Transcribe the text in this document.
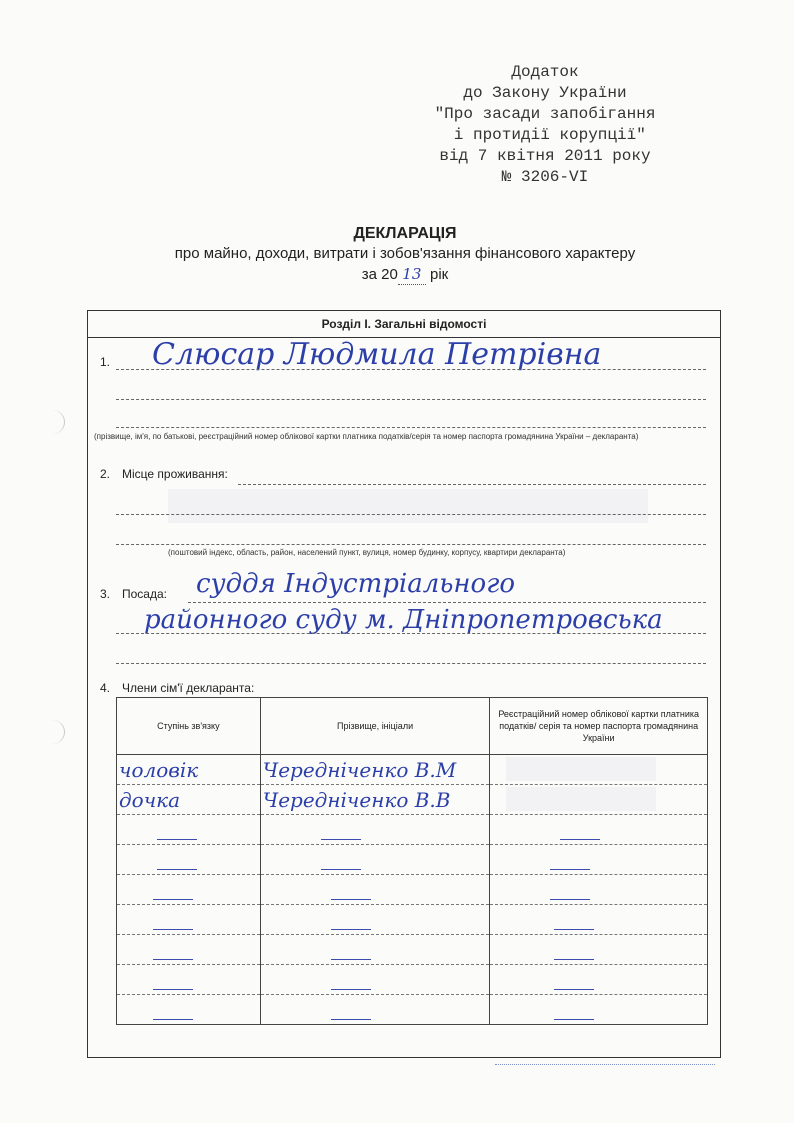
Додаток
до Закону України
"Про засади запобігання
і протидії корупції"
від 7 квітня 2011 року
№ 3206-VI
ДЕКЛАРАЦІЯ
про майно, доходи, витрати і зобов'язання фінансового характеру
за 20 13 рік
Розділ І. Загальні відомості
1. Слюсар Людмила Петрівна
(прізвище, ім'я, по батькові, реєстраційний номер облікової картки платника податків/серія та номер паспорта громадянина України – декларанта)
2. Місце проживання:
(поштовий індекс, область, район, населений пункт, вулиця, номер будинку, корпусу, квартири декларанта)
3. Посада: суддя Індустріального
районного суду м. Дніпропетровська
4. Члени сім'ї декларанта:
Ступінь зв'язку	Прізвище, ініціали	Реєстраційний номер облікової картки платника податків/ серія та номер паспорта громадянина України

чоловік	Чередніченко В.М	

дочка	Чередніченко В.В	
